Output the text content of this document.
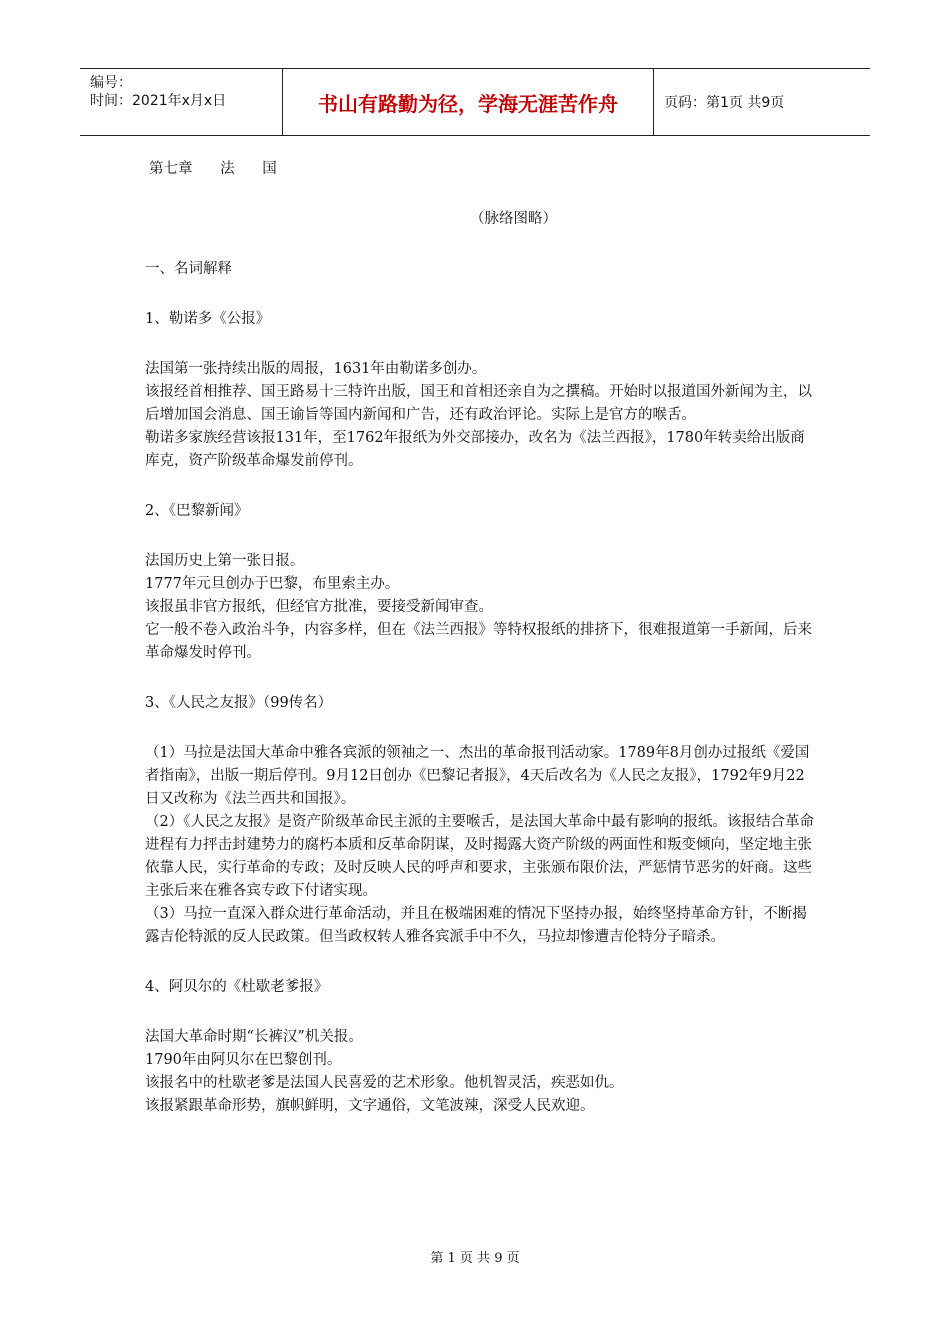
编号：
时间：2021年x月x日	书山有路勤为径，学海无涯苦作舟	页码：第1页 共9页
第七章      法      国
（脉络图略）
一、名词解释
1、勒诺多《公报》

法国第一张持续出版的周报，1631年由勒诺多创办。

该报经首相推荐、国王路易十三特许出版，国王和首相还亲自为之撰稿。开始时以报道国外新闻为主，以后增加国会消息、国王谕旨等国内新闻和广告，还有政治评论。实际上是官方的喉舌。

勒诺多家族经营该报131年，至1762年报纸为外交部接办，改名为《法兰西报》，1780年转卖给出版商库克，资产阶级革命爆发前停刊。

2、《巴黎新闻》

法国历史上第一张日报。

1777年元旦创办于巴黎，布里索主办。

该报虽非官方报纸，但经官方批准，要接受新闻审查。

它一般不卷入政治斗争，内容多样，但在《法兰西报》等特权报纸的排挤下，很难报道第一手新闻，后来革命爆发时停刊。

3、《人民之友报》（99传名）

（1）马拉是法国大革命中雅各宾派的领袖之一、杰出的革命报刊活动家。1789年8月创办过报纸《爱国者指南》，出版一期后停刊。9月12日创办《巴黎记者报》，4天后改名为《人民之友报》，1792年9月22日又改称为《法兰西共和国报》。

（2）《人民之友报》是资产阶级革命民主派的主要喉舌，是法国大革命中最有影响的报纸。该报结合革命进程有力抨击封建势力的腐朽本质和反革命阴谋，及时揭露大资产阶级的两面性和叛变倾向，坚定地主张依靠人民，实行革命的专政；及时反映人民的呼声和要求，主张颁布限价法，严惩情节恶劣的奸商。这些主张后来在雅各宾专政下付诸实现。

（3）马拉一直深入群众进行革命活动，并且在极端困难的情况下坚持办报，始终坚持革命方针，不断揭露吉伦特派的反人民政策。但当政权转人雅各宾派手中不久，马拉却惨遭吉伦特分子暗杀。

4、阿贝尔的《杜歇老爹报》

法国大革命时期“长裤汉”机关报。

1790年由阿贝尔在巴黎创刊。

该报名中的杜歇老爹是法国人民喜爱的艺术形象。他机智灵活，疾恶如仇。

该报紧跟革命形势，旗帜鲜明，文字通俗，文笔波辣，深受人民欢迎。

第 1 页 共 9 页
